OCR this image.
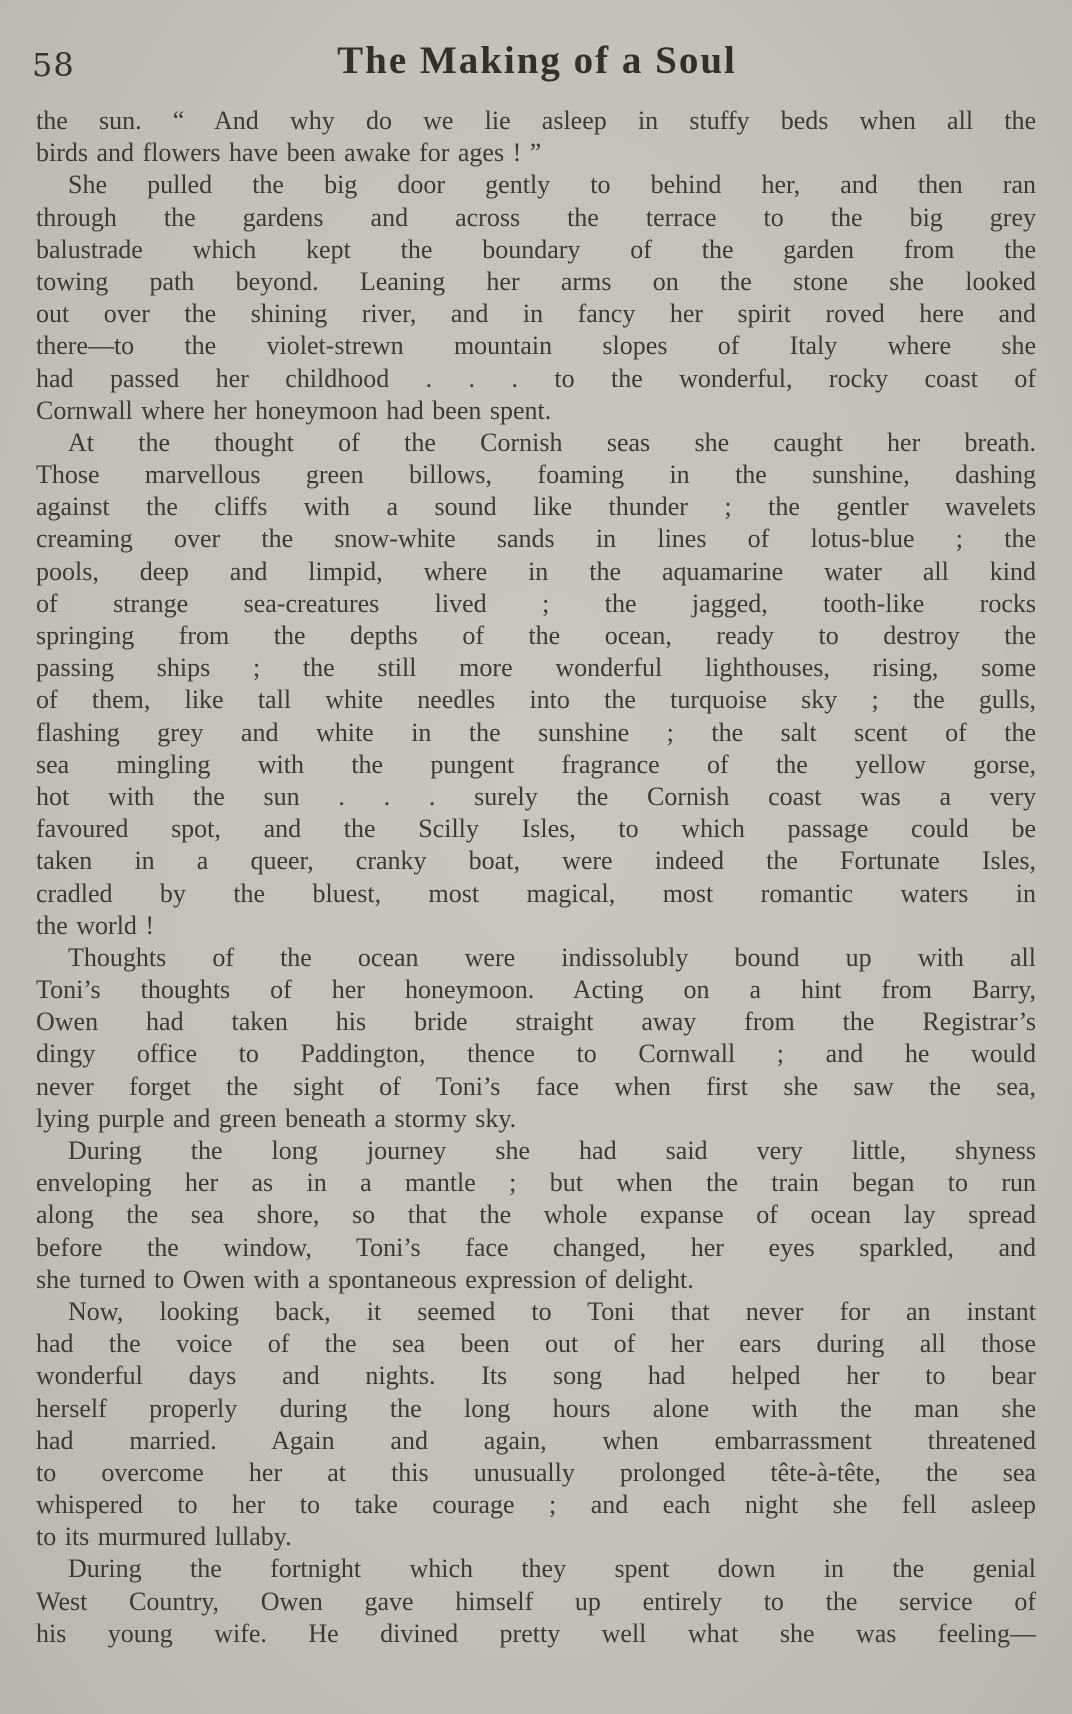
58	The Making of a Soul
the sun. “ And why do we lie asleep in stuffy beds when all the
birds and flowers have been awake for ages ! ”
She pulled the big door gently to behind her, and then ran
through the gardens and across the terrace to the big grey
balustrade which kept the boundary of the garden from the
towing path beyond. Leaning her arms on the stone she looked
out over the shining river, and in fancy her spirit roved here and
there—to the violet-strewn mountain slopes of Italy where she
had passed her childhood . . . to the wonderful, rocky coast of
Cornwall where her honeymoon had been spent.
At the thought of the Cornish seas she caught her breath.
Those marvellous green billows, foaming in the sunshine, dashing
against the cliffs with a sound like thunder ; the gentler wavelets
creaming over the snow-white sands in lines of lotus-blue ; the
pools, deep and limpid, where in the aquamarine water all kind
of strange sea-creatures lived ; the jagged, tooth-like rocks
springing from the depths of the ocean, ready to destroy the
passing ships ; the still more wonderful lighthouses, rising, some
of them, like tall white needles into the turquoise sky ; the gulls,
flashing grey and white in the sunshine ; the salt scent of the
sea mingling with the pungent fragrance of the yellow gorse,
hot with the sun . . . surely the Cornish coast was a very
favoured spot, and the Scilly Isles, to which passage could be
taken in a queer, cranky boat, were indeed the Fortunate Isles,
cradled by the bluest, most magical, most romantic waters in
the world !
Thoughts of the ocean were indissolubly bound up with all
Toni’s thoughts of her honeymoon. Acting on a hint from Barry,
Owen had taken his bride straight away from the Registrar’s
dingy office to Paddington, thence to Cornwall ; and he would
never forget the sight of Toni’s face when first she saw the sea,
lying purple and green beneath a stormy sky.
During the long journey she had said very little, shyness
enveloping her as in a mantle ; but when the train began to run
along the sea shore, so that the whole expanse of ocean lay spread
before the window, Toni’s face changed, her eyes sparkled, and
she turned to Owen with a spontaneous expression of delight.
Now, looking back, it seemed to Toni that never for an instant
had the voice of the sea been out of her ears during all those
wonderful days and nights. Its song had helped her to bear
herself properly during the long hours alone with the man she
had married. Again and again, when embarrassment threatened
to overcome her at this unusually prolonged tête-à-tête, the sea
whispered to her to take courage ; and each night she fell asleep
to its murmured lullaby.
During the fortnight which they spent down in the genial
West Country, Owen gave himself up entirely to the service of
his young wife. He divined pretty well what she was feeling—
